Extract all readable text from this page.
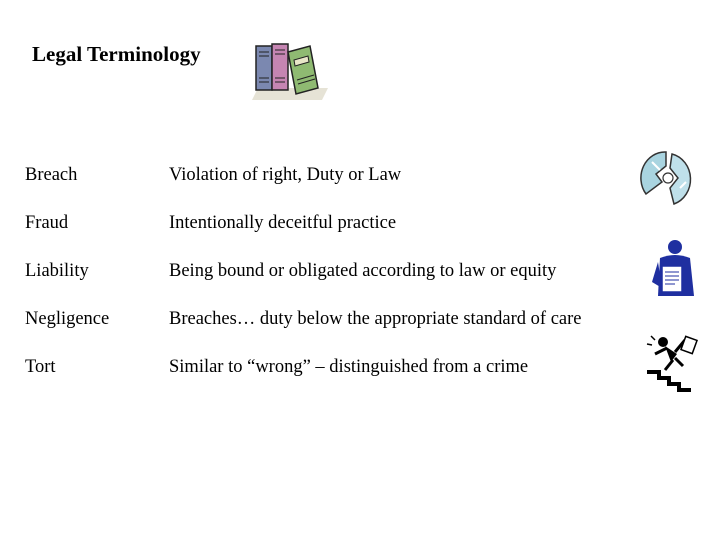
Legal Terminology
Breach	Violation of right, Duty or Law
Fraud	Intentionally deceitful practice
Liability	Being bound or obligated according to law or equity
Negligence	Breaches… duty below the appropriate standard of care
Tort	Similar to “wrong” – distinguished from a crime
